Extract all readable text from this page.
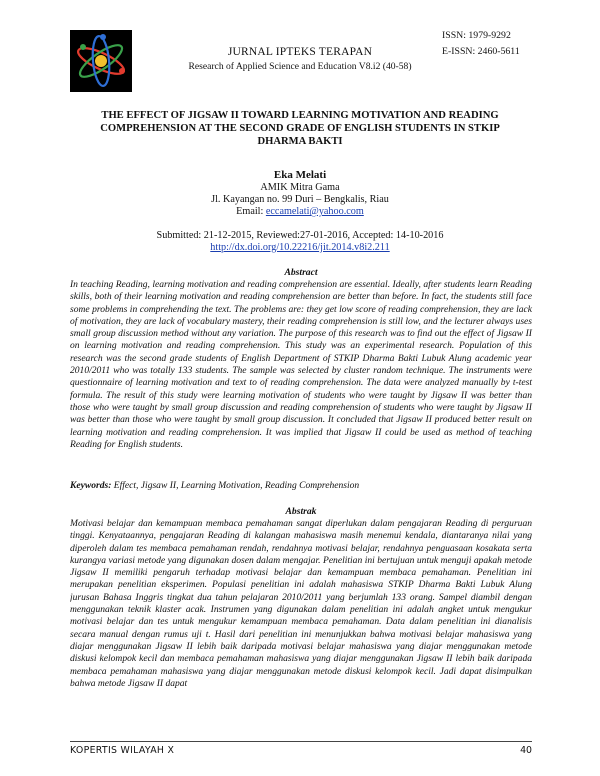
JURNAL IPTEKS TERAPAN
Research of Applied Science and Education V8.i2 (40-58)
ISSN: 1979-9292
E-ISSN: 2460-5611
THE EFFECT OF JIGSAW II TOWARD LEARNING MOTIVATION AND READING COMPREHENSION AT THE SECOND GRADE OF ENGLISH STUDENTS IN STKIP DHARMA BAKTI
Eka Melati
AMIK Mitra Gama
Jl. Kayangan no. 99 Duri – Bengkalis, Riau
Email: eccamelati@yahoo.com
Submitted: 21-12-2015, Reviewed:27-01-2016, Accepted: 14-10-2016
http://dx.doi.org/10.22216/jit.2014.v8i2.211
Abstract
In teaching Reading, learning motivation and reading comprehension are essential. Ideally, after students learn Reading skills, both of their learning motivation and reading comprehension are better than before. In fact, the students still face some problems in comprehending the text. The problems are: they get low score of reading comprehension, they are lack of motivation, they are lack of vocabulary mastery, their reading comprehension is still low, and the lecturer always uses small group discussion method without any variation. The purpose of this research was to find out the effect of Jigsaw II on learning motivation and reading comprehension. This study was an experimental research. Population of this research was the second grade students of English Department of STKIP Dharma Bakti Lubuk Alung academic year 2010/2011 who was totally 133 students. The sample was selected by cluster random technique. The instruments were questionnaire of learning motivation and text to of reading comprehension. The data were analyzed manually by t-test formula. The result of this study were learning motivation of students who were taught by Jigsaw II was better than those who were taught by small group discussion and reading comprehension of students who were taught by Jigsaw II was better than those who were taught by small group discussion. It concluded that Jigsaw II produced better result on learning motivation and reading comprehension. It was implied that Jigsaw II could be used as method of teaching Reading for English students.
Keywords: Effect, Jigsaw II, Learning Motivation, Reading Comprehension
Abstrak
Motivasi belajar dan kemampuan membaca pemahaman sangat diperlukan dalam pengajaran Reading di perguruan tinggi. Kenyataannya, pengajaran Reading di kalangan mahasiswa masih menemui kendala, diantaranya nilai yang diperoleh dalam tes membaca pemahaman rendah, rendahnya motivasi belajar, rendahnya penguasaan kosakata serta kurangya variasi metode yang digunakan dosen dalam mengajar. Penelitian ini bertujuan untuk menguji apakah metode Jigsaw II memiliki pengaruh terhadap motivasi belajar dan kemampuan membaca pemahaman. Penelitian ini merupakan penelitian eksperimen. Populasi penelitian ini adalah mahasiswa STKIP Dharma Bakti Lubuk Alung jurusan Bahasa Inggris tingkat dua tahun pelajaran 2010/2011 yang berjumlah 133 orang. Sampel diambil dengan menggunakan teknik klaster acak. Instrumen yang digunakan dalam penelitian ini adalah angket untuk mengukur motivasi belajar dan tes untuk mengukur kemampuan membaca pemahaman. Data dalam penelitian ini dianalisis secara manual dengan rumus uji t. Hasil dari penelitian ini menunjukkan bahwa motivasi belajar mahasiswa yang diajar menggunakan Jigsaw II lebih baik daripada motivasi belajar mahasiswa yang diajar menggunakan metode diskusi kelompok kecil dan membaca pemahaman mahasiswa yang diajar menggunakan Jigsaw II lebih baik daripada membaca pemahaman mahasiswa yang diajar menggunakan metode diskusi kelompok kecil. Jadi dapat disimpulkan bahwa metode Jigsaw II dapat
KOPERTIS WILAYAH X	40
